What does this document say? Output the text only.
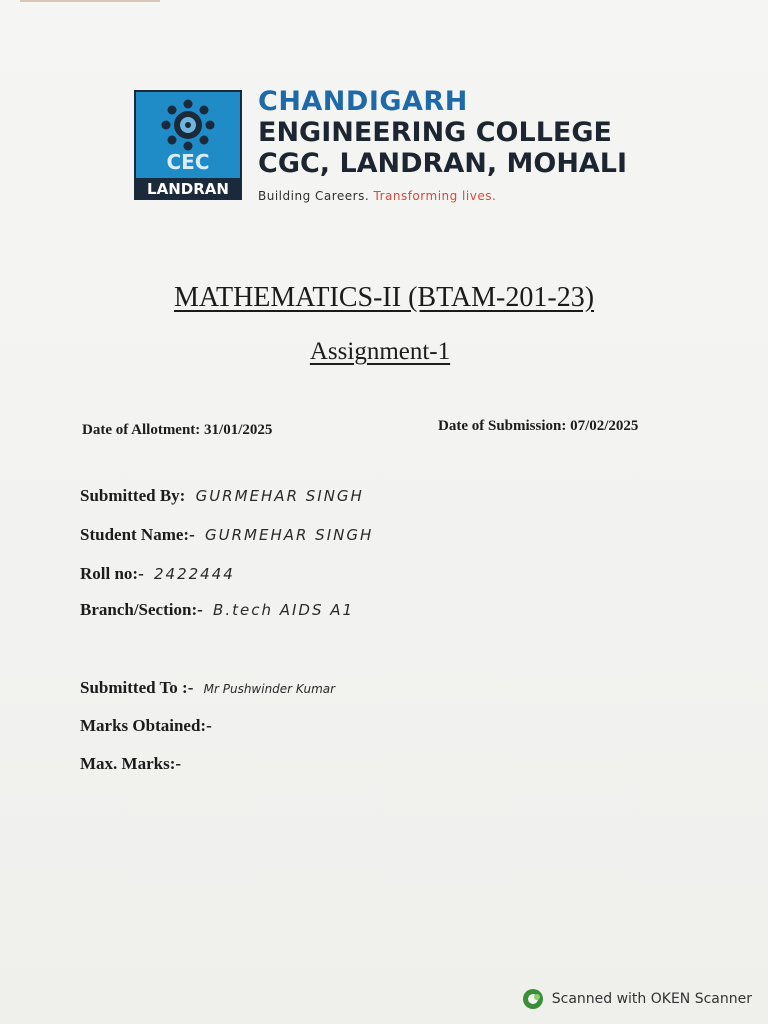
CEC
LANDRAN
CHANDIGARH
ENGINEERING COLLEGE
CGC, LANDRAN, MOHALI
Building Careers. Transforming lives.
MATHEMATICS-II (BTAM-201-23)
Assignment-1
Date of Allotment: 31/01/2025	Date of Submission: 07/02/2025
Submitted By: GURMEHAR SINGH
Student Name:- GURMEHAR SINGH
Roll no:- 2422444
Branch/Section:- B.tech AIDS A1
Submitted To :- Mr Pushwinder Kumar
Marks Obtained:-
Max. Marks:-
Scanned with OKEN Scanner
